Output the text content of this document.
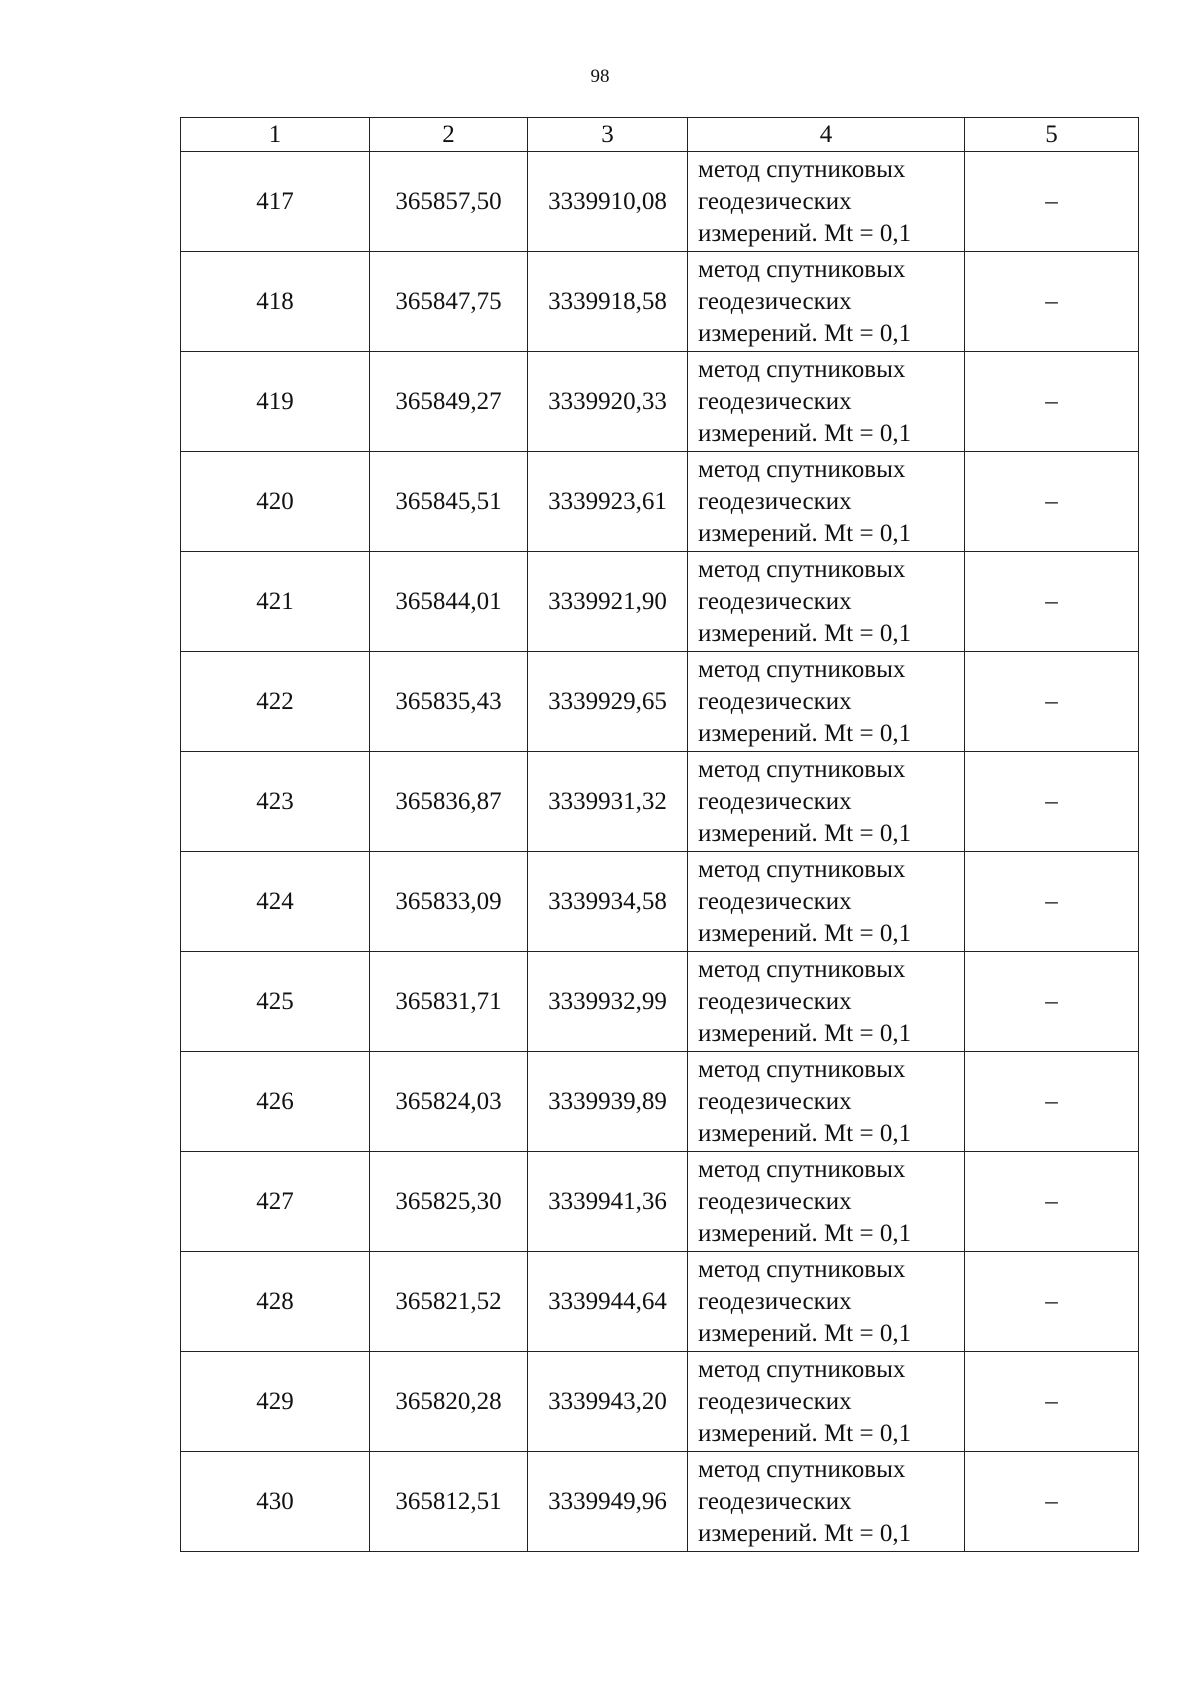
98
1	2	3	4	5
417	365857,50	3339910,08	метод спутниковых
геодезических
измерений. Mt = 0,1	–
418	365847,75	3339918,58	метод спутниковых
геодезических
измерений. Mt = 0,1	–
419	365849,27	3339920,33	метод спутниковых
геодезических
измерений. Mt = 0,1	–
420	365845,51	3339923,61	метод спутниковых
геодезических
измерений. Mt = 0,1	–
421	365844,01	3339921,90	метод спутниковых
геодезических
измерений. Mt = 0,1	–
422	365835,43	3339929,65	метод спутниковых
геодезических
измерений. Mt = 0,1	–
423	365836,87	3339931,32	метод спутниковых
геодезических
измерений. Mt = 0,1	–
424	365833,09	3339934,58	метод спутниковых
геодезических
измерений. Mt = 0,1	–
425	365831,71	3339932,99	метод спутниковых
геодезических
измерений. Mt = 0,1	–
426	365824,03	3339939,89	метод спутниковых
геодезических
измерений. Mt = 0,1	–
427	365825,30	3339941,36	метод спутниковых
геодезических
измерений. Mt = 0,1	–
428	365821,52	3339944,64	метод спутниковых
геодезических
измерений. Mt = 0,1	–
429	365820,28	3339943,20	метод спутниковых
геодезических
измерений. Mt = 0,1	–
430	365812,51	3339949,96	метод спутниковых
геодезических
измерений. Mt = 0,1	–
